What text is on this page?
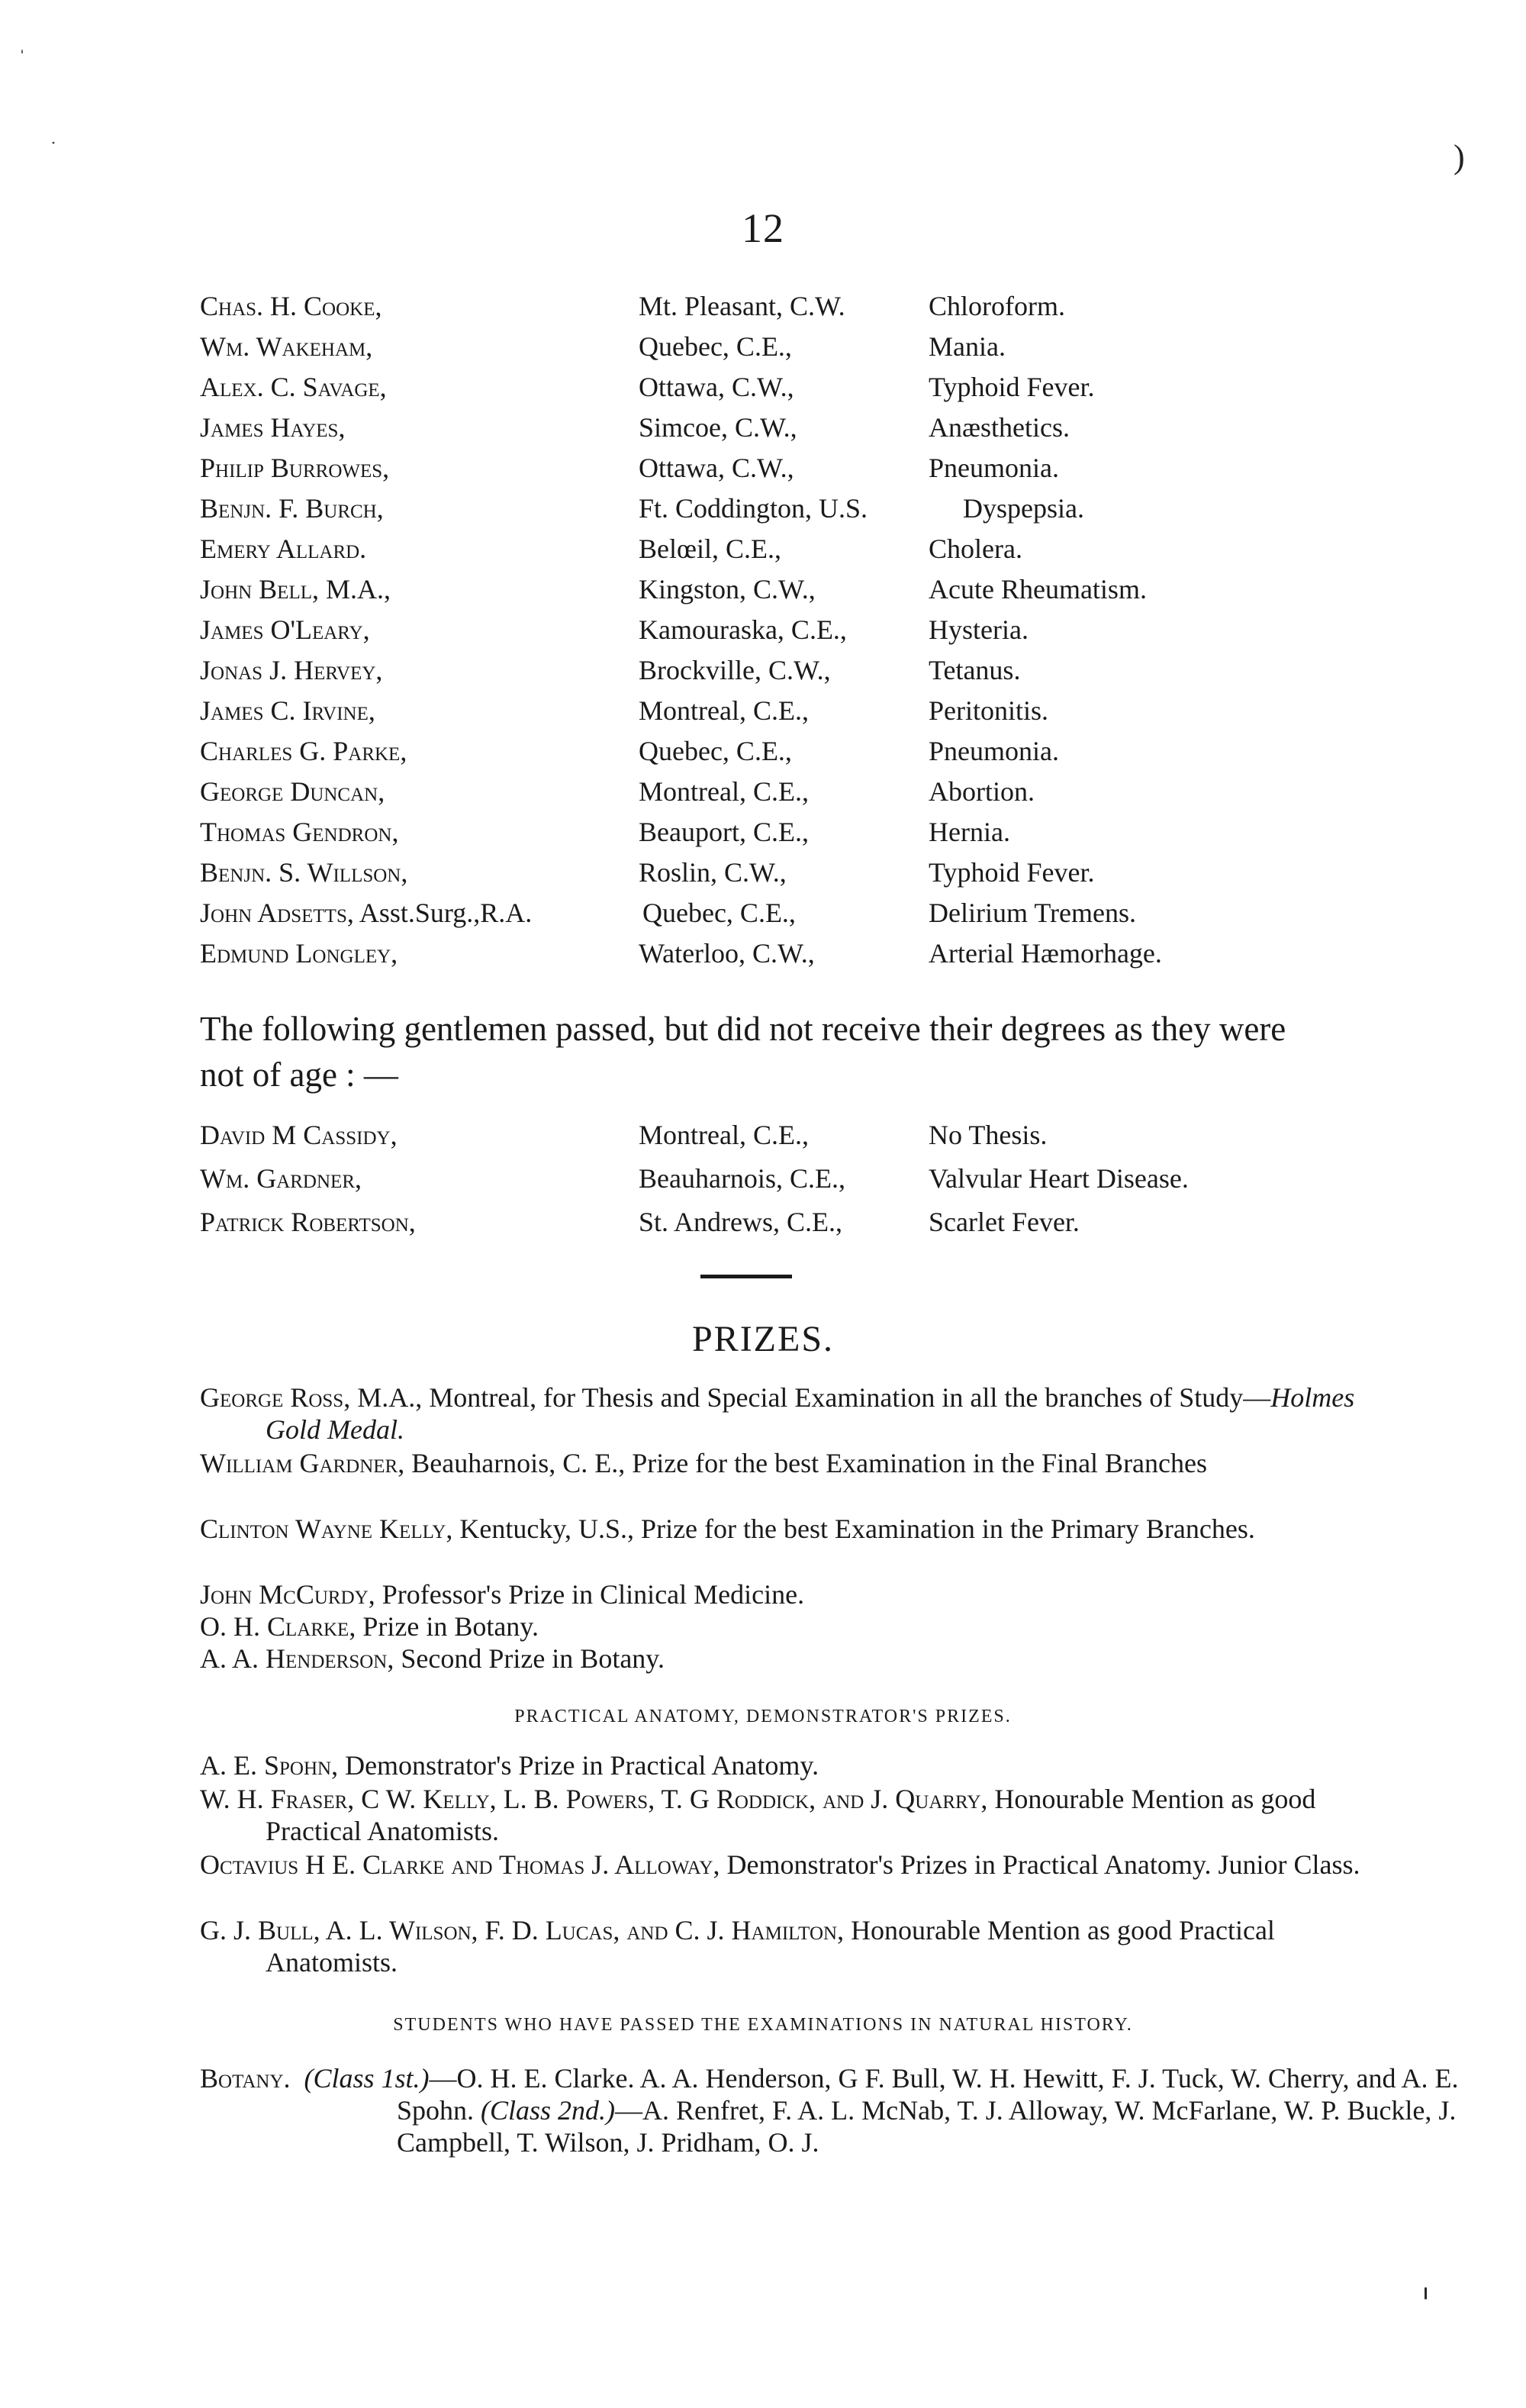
ˈ
·	)
12
Chas. H. Cooke,	Mt. Pleasant, C.W.	Chloroform.
Wm. Wakeham,	Quebec, C.E.,	Mania.
Alex. C. Savage,	Ottawa, C.W.,	Typhoid Fever.
James Hayes,	Simcoe, C.W.,	Anæsthetics.
Philip Burrowes,	Ottawa, C.W.,	Pneumonia.
Benjn. F. Burch,	Ft. Coddington, U.S.	Dyspepsia.
Emery Allard.	Belœil, C.E.,	Cholera.
John Bell, M.A.,	Kingston, C.W.,	Acute Rheumatism.
James O'Leary,	Kamouraska, C.E.,	Hysteria.
Jonas J. Hervey,	Brockville, C.W.,	Tetanus.
James C. Irvine,	Montreal, C.E.,	Peritonitis.
Charles G. Parke,	Quebec, C.E.,	Pneumonia.
George Duncan,	Montreal, C.E.,	Abortion.
Thomas Gendron,	Beauport, C.E.,	Hernia.
Benjn. S. Willson,	Roslin, C.W.,	Typhoid Fever.
John Adsetts, Asst.Surg.,R.A.	Quebec, C.E.,	Delirium Tremens.
Edmund Longley,	Waterloo, C.W.,	Arterial Hæmorhage.
The following gentlemen passed, but did not receive their degrees as they were not of age : —
David M Cassidy,	Montreal, C.E.,	No Thesis.
Wm. Gardner,	Beauharnois, C.E.,	Valvular Heart Disease.
Patrick Robertson,	St. Andrews, C.E.,	Scarlet Fever.
PRIZES.
George Ross, M.A., Montreal, for Thesis and Special Examination in all the branches of Study—Holmes Gold Medal.
William Gardner, Beauharnois, C. E., Prize for the best Examination in the Final Branches
Clinton Wayne Kelly, Kentucky, U.S., Prize for the best Examination in the Primary Branches.
John McCurdy, Professor's Prize in Clinical Medicine.
O. H. Clarke, Prize in Botany.
A. A. Henderson, Second Prize in Botany.
PRACTICAL ANATOMY, DEMONSTRATOR'S PRIZES.
A. E. Spohn, Demonstrator's Prize in Practical Anatomy.
W. H. Fraser, C W. Kelly, L. B. Powers, T. G Roddick, and J. Quarry, Honourable Mention as good Practical Anatomists.
Octavius H E. Clarke and Thomas J. Alloway, Demonstrator's Prizes in Practical Anatomy. Junior Class.
G. J. Bull, A. L. Wilson, F. D. Lucas, and C. J. Hamilton, Honourable Mention as good Practical Anatomists.
STUDENTS WHO HAVE PASSED THE EXAMINATIONS IN NATURAL HISTORY.
Botany. (Class 1st.)—O. H. E. Clarke. A. A. Henderson, G F. Bull, W. H. Hewitt, F. J. Tuck, W. Cherry, and A. E. Spohn. (Class 2nd.)—A. Renfret, F. A. L. McNab, T. J. Alloway, W. McFarlane, W. P. Buckle, J. Campbell, T. Wilson, J. Pridham, O. J.
